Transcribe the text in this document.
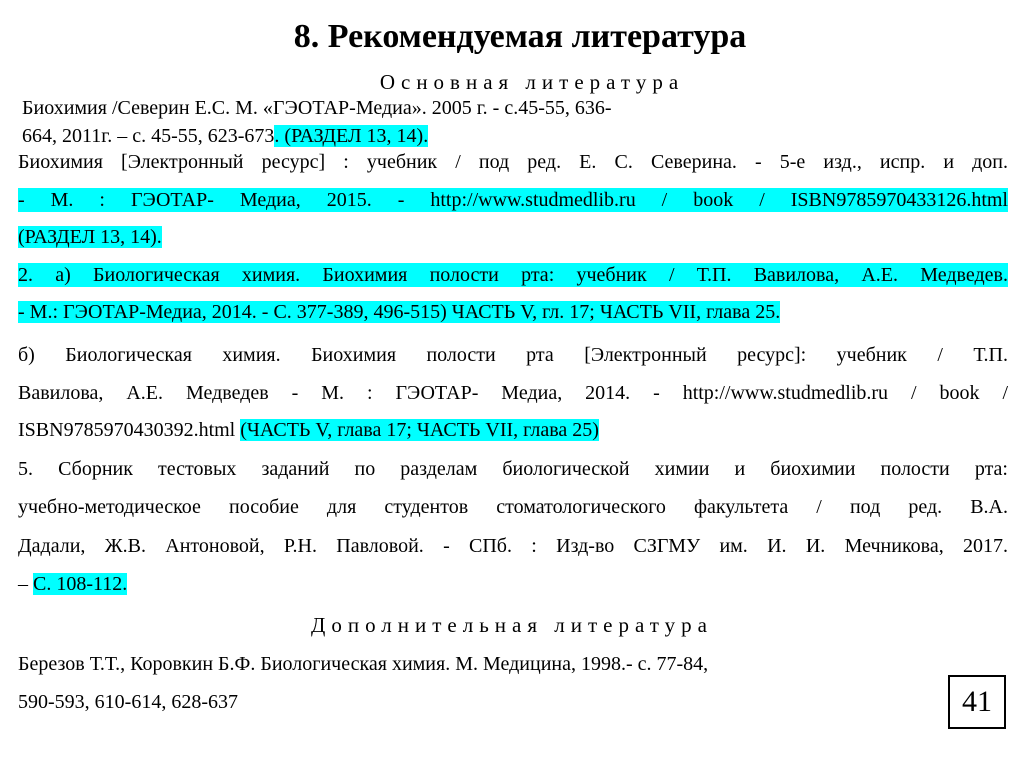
8. Рекомендуемая литература
Основная литература
Биохимия /Северин Е.С. М. «ГЭОТАР-Медиа». 2005 г. - с.45-55, 636-
664, 2011г. – с. 45-55, 623-673. (РАЗДЕЛ 13, 14).
Биохимия [Электронный ресурс] : учебник / под ред. Е. С. Северина. - 5-е изд., испр. и доп.
- М. : ГЭОТАР- Медиа, 2015. - http://www.studmedlib.ru / book / ISBN9785970433126.html
(РАЗДЕЛ 13, 14).
2. а) Биологическая химия. Биохимия полости рта: учебник / Т.П. Вавилова, А.Е. Медведев.
- М.: ГЭОТАР-Медиа, 2014. - С. 377-389, 496-515) ЧАСТЬ V, гл. 17; ЧАСТЬ VII, глава 25.
б) Биологическая химия. Биохимия полости рта [Электронный ресурс]: учебник / Т.П.
Вавилова, А.Е. Медведев - М. : ГЭОТАР- Медиа, 2014. - http://www.studmedlib.ru / book /
ISBN9785970430392.html (ЧАСТЬ V, глава 17; ЧАСТЬ VII, глава 25)
5. Сборник тестовых заданий по разделам биологической химии и биохимии полости рта:
учебно-методическое пособие для студентов стоматологического факультета / под ред. В.А.
Дадали, Ж.В. Антоновой, Р.Н. Павловой. - СПб. : Изд-во СЗГМУ им. И. И. Мечникова, 2017.
– С. 108-112.
Дополнительная литература
Березов Т.Т., Коровкин Б.Ф. Биологическая химия. М. Медицина, 1998.- с. 77-84,
590-593, 610-614, 628-637	41
